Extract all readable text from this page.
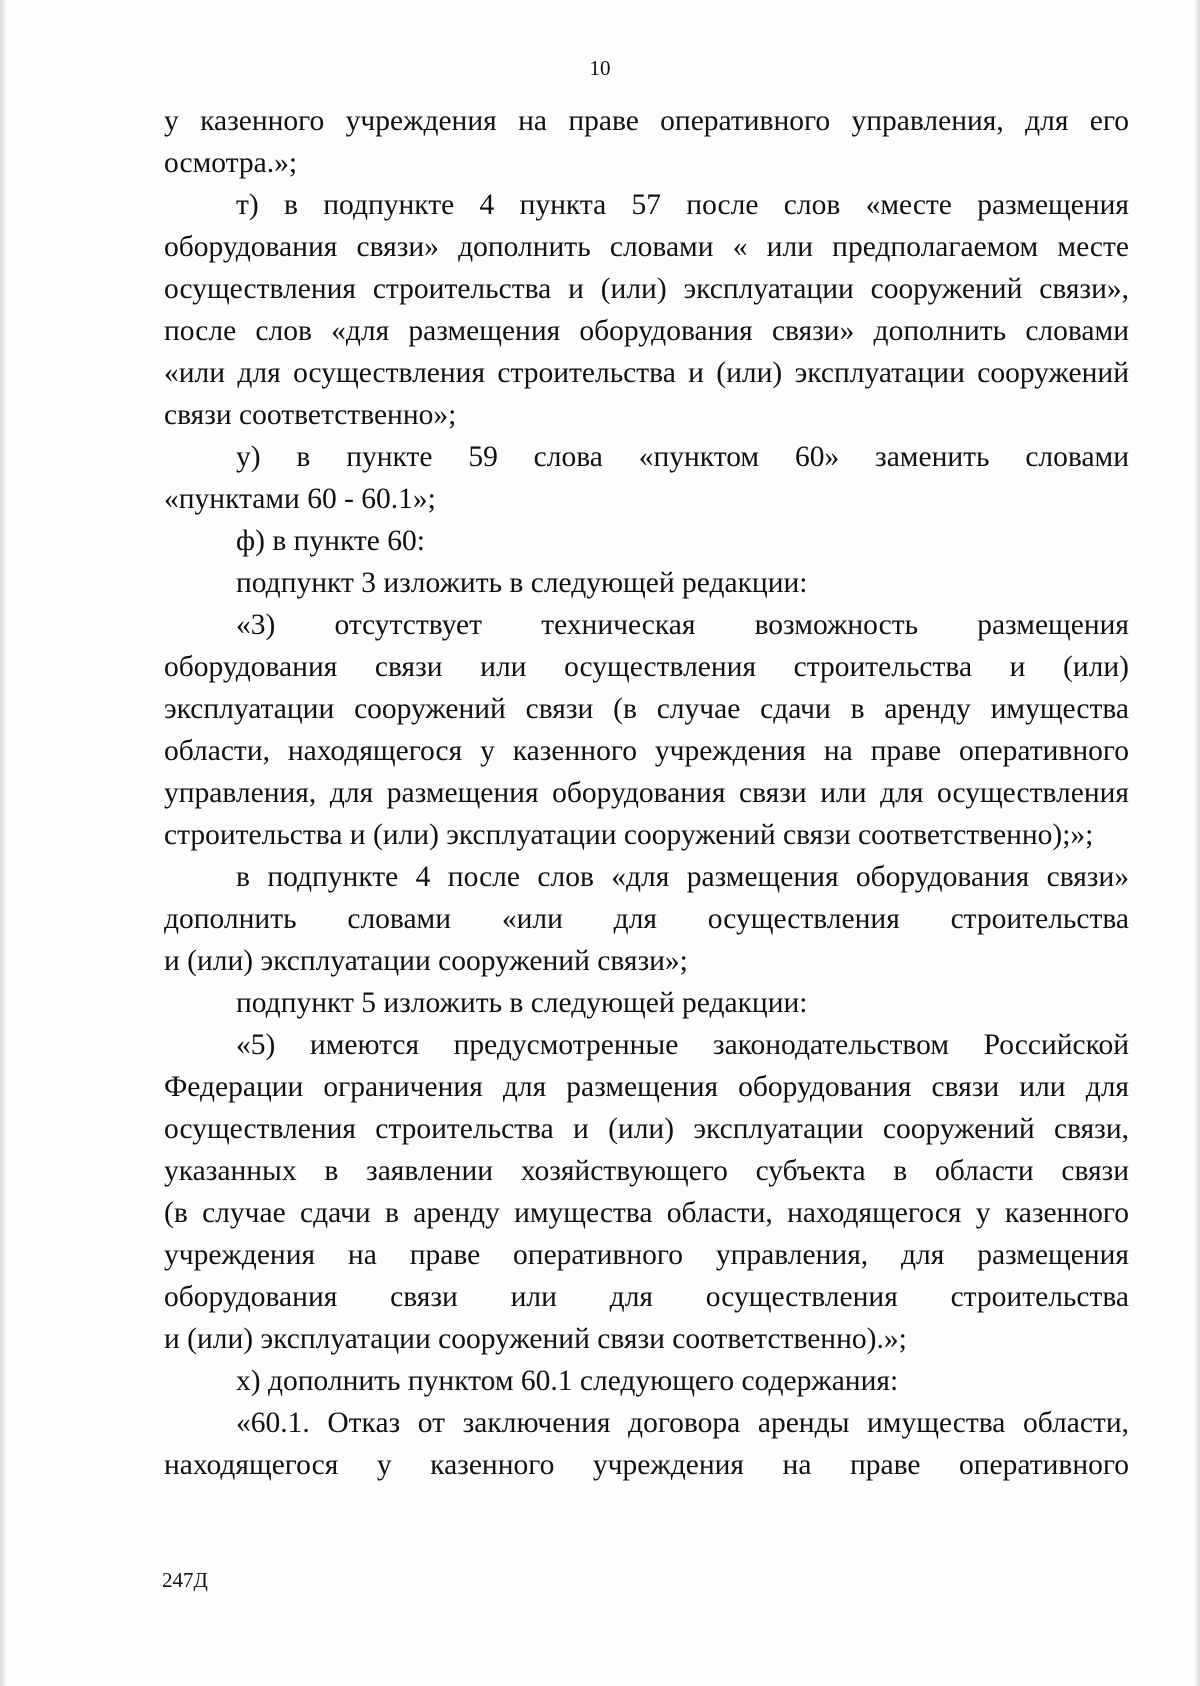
10
у казенного учреждения на праве оперативного управления, для его
осмотра.»;
т) в подпункте 4 пункта 57 после слов «месте размещения
оборудования связи» дополнить словами « или предполагаемом месте
осуществления строительства и (или) эксплуатации сооружений связи»,
после слов «для размещения оборудования связи» дополнить словами
«или для осуществления строительства и (или) эксплуатации сооружений
связи соответственно»;
у) в пункте 59 слова «пунктом 60» заменить словами
«пунктами 60 - 60.1»;
ф) в пункте 60:
подпункт 3 изложить в следующей редакции:
«3) отсутствует техническая возможность размещения
оборудования связи или осуществления строительства и (или)
эксплуатации сооружений связи (в случае сдачи в аренду имущества
области, находящегося у казенного учреждения на праве оперативного
управления, для размещения оборудования связи или для осуществления
строительства и (или) эксплуатации сооружений связи соответственно);»;
в подпункте 4 после слов «для размещения оборудования связи»
дополнить словами «или для осуществления строительства
и (или) эксплуатации сооружений связи»;
подпункт 5 изложить в следующей редакции:
«5) имеются предусмотренные законодательством Российской
Федерации ограничения для размещения оборудования связи или для
осуществления строительства и (или) эксплуатации сооружений связи,
указанных в заявлении хозяйствующего субъекта в области связи
(в случае сдачи в аренду имущества области, находящегося у казенного
учреждения на праве оперативного управления, для размещения
оборудования связи или для осуществления строительства
и (или) эксплуатации сооружений связи соответственно).»;
х) дополнить пунктом 60.1 следующего содержания:
«60.1. Отказ от заключения договора аренды имущества области,
находящегося у казенного учреждения на праве оперативного
247Д
